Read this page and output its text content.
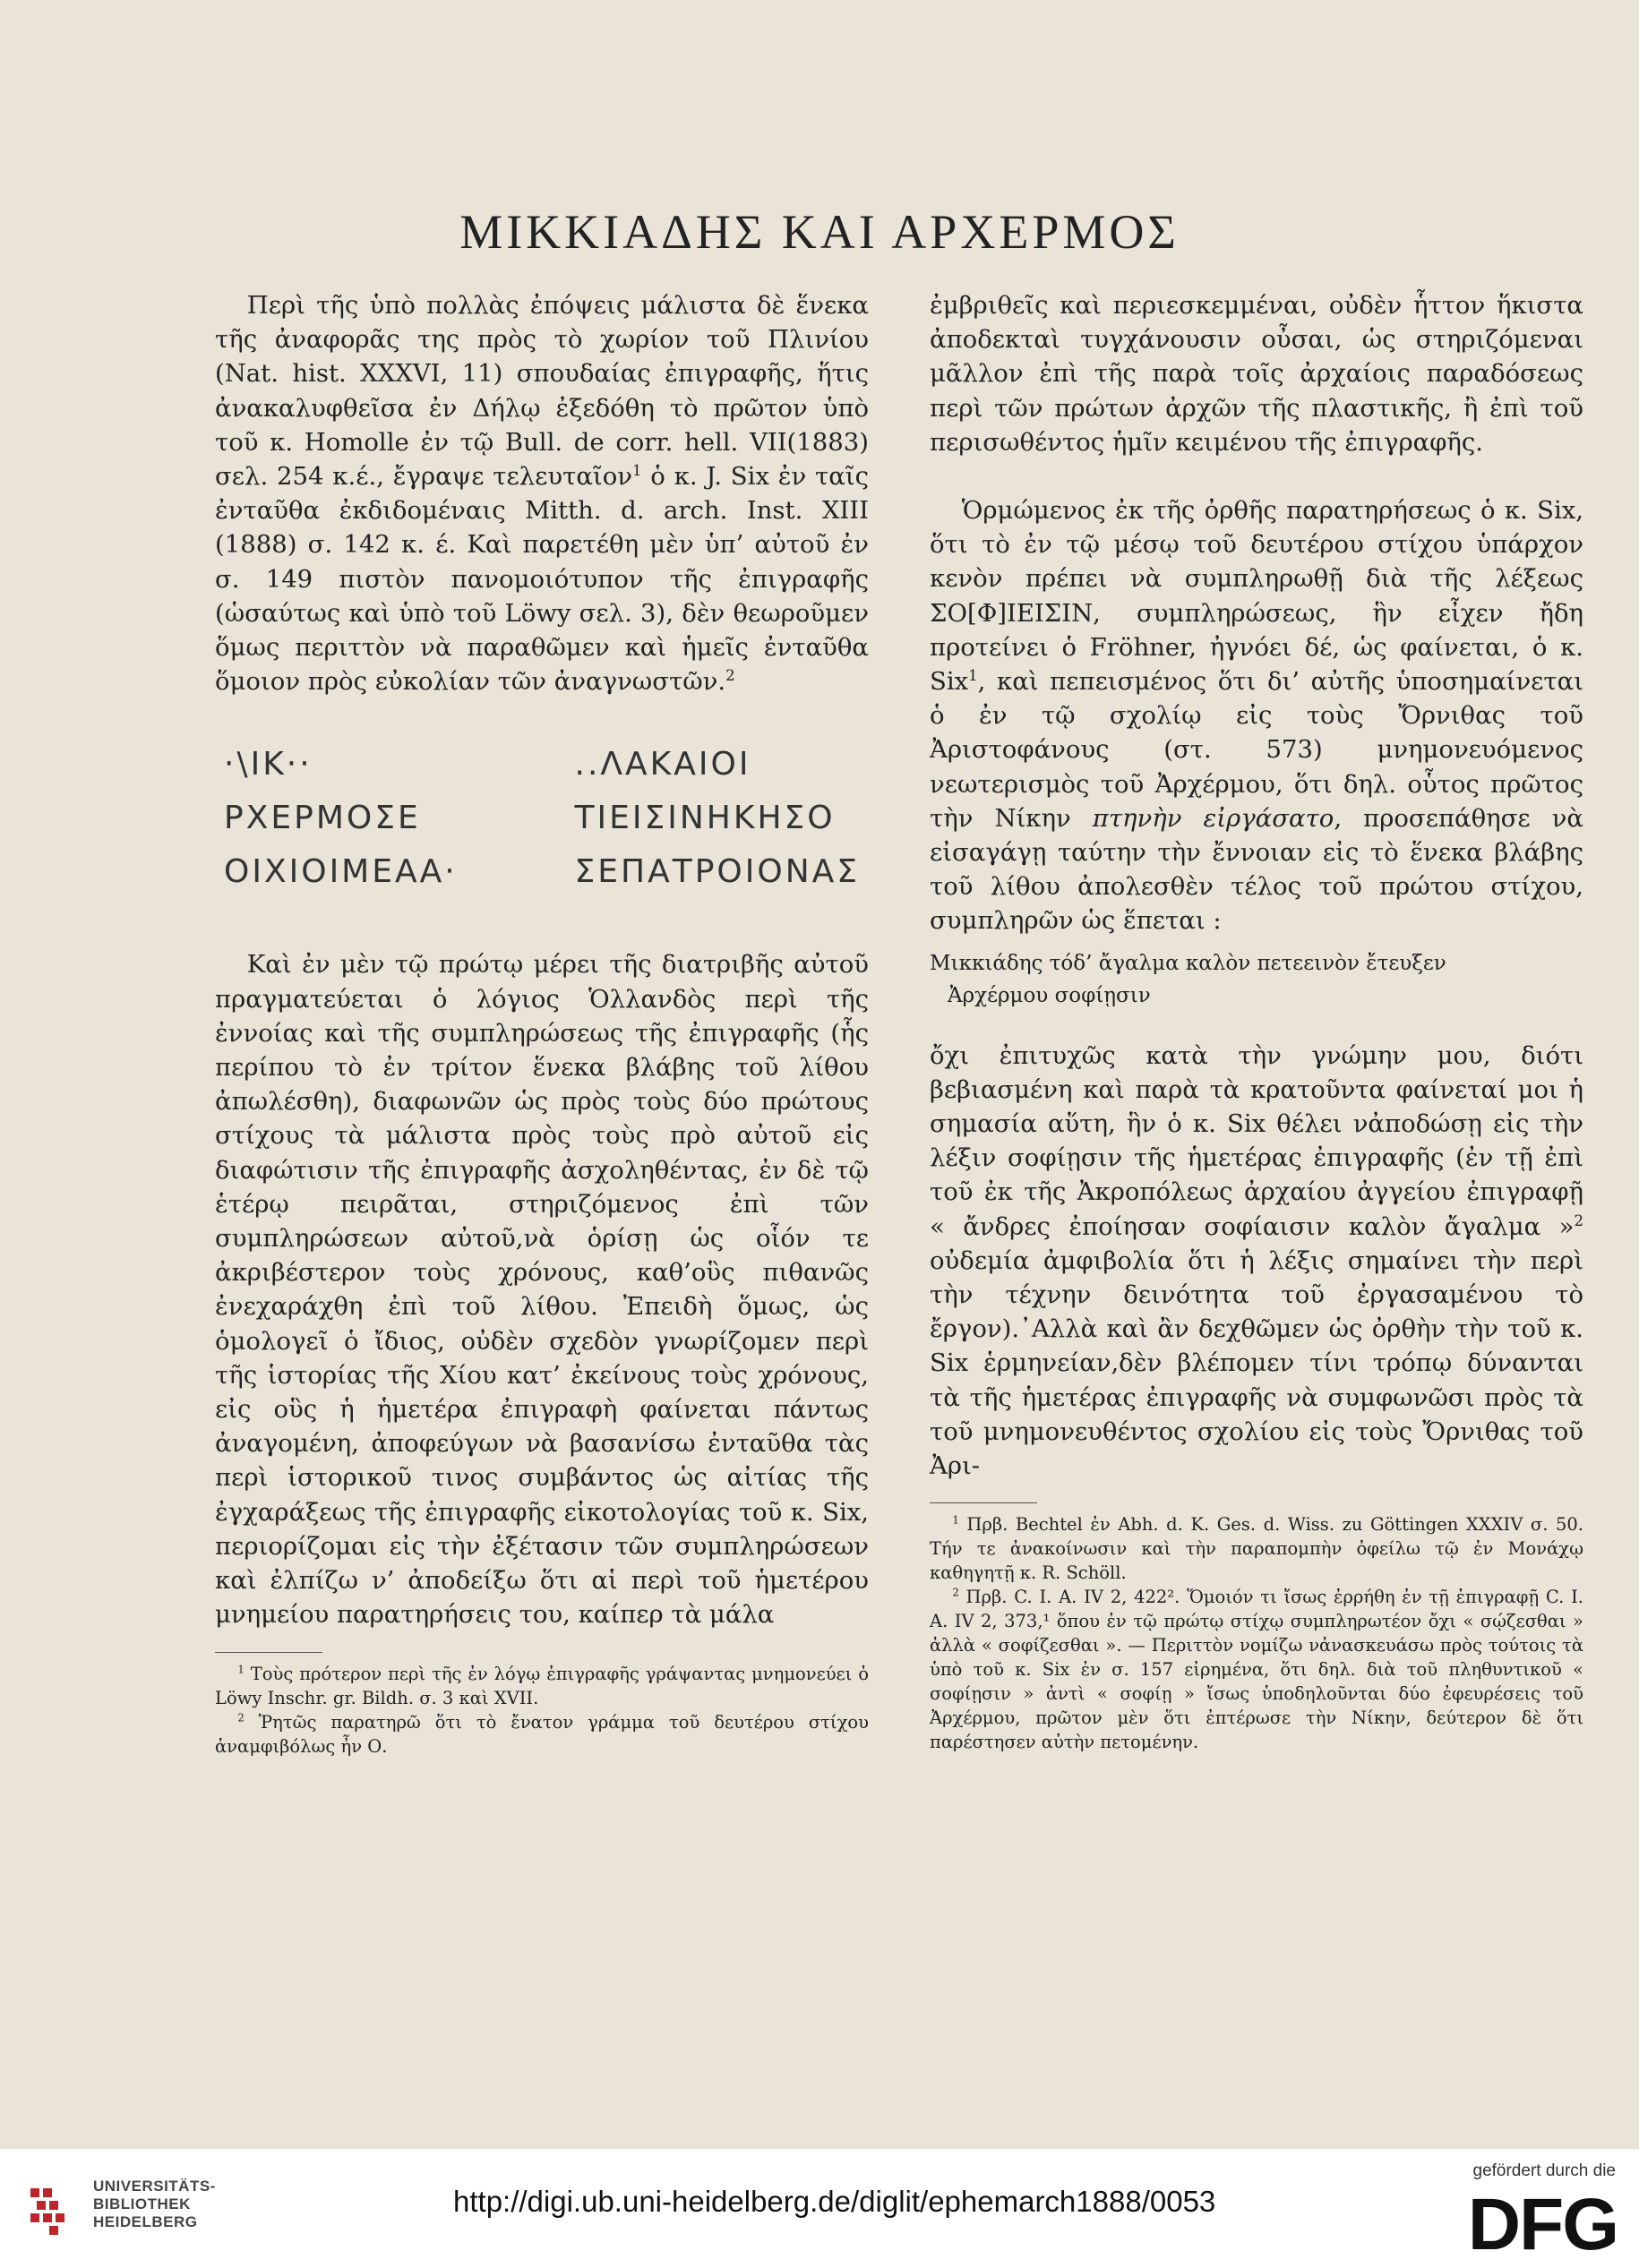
ΜΙΚΚΙΑΔΗΣ ΚΑΙ ΑΡΧΕΡΜΟΣ

Περὶ τῆς ὑπὸ πολλὰς ἐπόψεις μάλιστα δὲ ἕνεκα τῆς ἀναφορᾶς της πρὸς τὸ χωρίον τοῦ Πλινίου (Nat. hist. XXXVI, 11) σπουδαίας ἐπιγραφῆς, ἥτις ἀνακαλυφθεῖσα ἐν Δήλῳ ἐξεδόθη τὸ πρῶτον ὑπὸ τοῦ κ. Homolle ἐν τῷ Bull. de corr. hell. VII(1883) σελ. 254 κ.έ., ἔγραψε τελευταῖον$^1$ ὁ κ. J. Six ἐν ταῖς ἐνταῦθα ἐκδιδομέναις Mitth. d. arch. Inst. XIII (1888) σ. 142 κ. έ. Καὶ παρετέθη μὲν ὑπ’ αὐτοῦ ἐν σ. 149 πιστὸν πανομοιότυπον τῆς ἐπιγραφῆς (ὡσαύτως καὶ ὑπὸ τοῦ Löwy σελ. 3), δὲν θεωροῦμεν ὅμως περιττὸν νὰ παραθῶμεν καὶ ἡμεῖς ἐνταῦθα ὅμοιον πρὸς εὐκολίαν τῶν ἀναγνωστῶν.$^2$

⋅\ΙΚ⋅⋅
ΡΧΕΡΜΟΣΕ
ΟΙΧΙΟΙΜΕΑΑ⋅
..ΛΑΚΑΙΟΙ
ΤΙΕΙΣΙΝΗΚΗΣΟ
ΣΕΠΑΤΡΟΙΟΝΑΣ

Καὶ ἐν μὲν τῷ πρώτῳ μέρει τῆς διατριβῆς αὐτοῦ πραγματεύεται ὁ λόγιος Ὁλλανδὸς περὶ τῆς ἐννοίας καὶ τῆς συμπληρώσεως τῆς ἐπιγραφῆς (ἧς περίπου τὸ ἐν τρίτον ἕνεκα βλάβης τοῦ λίθου ἀπωλέσθη), διαφωνῶν ὡς πρὸς τοὺς δύο πρώτους στίχους τὰ μάλιστα πρὸς τοὺς πρὸ αὐτοῦ εἰς διαφώτισιν τῆς ἐπιγραφῆς ἀσχοληθέντας, ἐν δὲ τῷ ἑτέρῳ πειρᾶται, στηριζόμενος ἐπὶ τῶν συμπληρώσεων αὐτοῦ,νὰ ὁρίσῃ ὡς οἷόν τε ἀκριβέστερον τοὺς χρόνους, καθ’οὓς πιθανῶς ἐνεχαράχθη ἐπὶ τοῦ λίθου. Ἐπειδὴ ὅμως, ὡς ὁμολογεῖ ὁ ἴδιος, οὐδὲν σχεδὸν γνωρίζομεν περὶ τῆς ἱστορίας τῆς Χίου κατ’ ἐκείνους τοὺς χρόνους, εἰς οὓς ἡ ἡμετέρα ἐπιγραφὴ φαίνεται πάντως ἀναγομένη, ἀποφεύγων νὰ βασανίσω ἐνταῦθα τὰς περὶ ἱστορικοῦ τινος συμβάντος ὡς αἰτίας τῆς ἐγχαράξεως τῆς ἐπιγραφῆς εἰκοτολογίας τοῦ κ. Six, περιορίζομαι εἰς τὴν ἐξέτασιν τῶν συμπληρώσεων καὶ ἐλπίζω ν’ ἀποδείξω ὅτι αἱ περὶ τοῦ ἡμετέρου μνημείου παρατηρήσεις του, καίπερ τὰ μάλα

$^1$ Τοὺς πρότερον περὶ τῆς ἐν λόγῳ ἐπιγραφῆς γράψαντας μνημονεύει ὁ Löwy Inschr. gr. Bildh. σ. 3 καὶ XVII.

$^2$ Ῥητῶς παρατηρῶ ὅτι τὸ ἔνατον γράμμα τοῦ δευτέρου στίχου ἀναμφιβόλως ἦν Ο.

ἐμβριθεῖς καὶ περιεσκεμμέναι, οὐδὲν ἧττον ἥκιστα ἀποδεκταὶ τυγχάνουσιν οὖσαι, ὡς στηριζόμεναι μᾶλλον ἐπὶ τῆς παρὰ τοῖς ἀρχαίοις παραδόσεως περὶ τῶν πρώτων ἀρχῶν τῆς πλαστικῆς, ἢ ἐπὶ τοῦ περισωθέντος ἡμῖν κειμένου τῆς ἐπιγραφῆς.

Ὁρμώμενος ἐκ τῆς ὀρθῆς παρατηρήσεως ὁ κ. Six, ὅτι τὸ ἐν τῷ μέσῳ τοῦ δευτέρου στίχου ὑπάρχον κενὸν πρέπει νὰ συμπληρωθῇ διὰ τῆς λέξεως ΣΟ[Φ]ΙΕΙΣΙΝ, συμπληρώσεως, ἣν εἶχεν ἤδη προτείνει ὁ Fröhner, ἠγνόει δέ, ὡς φαίνεται, ὁ κ. Six$^1$, καὶ πεπεισμένος ὅτι δι’ αὐτῆς ὑποσημαίνεται ὁ ἐν τῷ σχολίῳ εἰς τοὺς Ὄρνιθας τοῦ Ἀριστοφάνους (στ. 573) μνημονευόμενος νεωτερισμὸς τοῦ Ἀρχέρμου, ὅτι δηλ. οὗτος πρῶτος τὴν Νίκην πτηνὴν εἰργάσατο, προσεπάθησε νὰ εἰσαγάγῃ ταύτην τὴν ἔννοιαν εἰς τὸ ἕνεκα βλάβης τοῦ λίθου ἀπολεσθὲν τέλος τοῦ πρώτου στίχου, συμπληρῶν ὡς ἕπεται :

Μικκιάδης τόδ’ ἄγαλμα καλὸν πετεεινὸν ἔτευξεν
Ἀρχέρμου σοφίῃσιν

ὄχι ἐπιτυχῶς κατὰ τὴν γνώμην μου, διότι βεβιασμένη καὶ παρὰ τὰ κρατοῦντα φαίνεταί μοι ἡ σημασία αὕτη, ἣν ὁ κ. Six θέλει νἀποδώσῃ εἰς τὴν λέξιν σοφίῃσιν τῆς ἡμετέρας ἐπιγραφῆς (ἐν τῇ ἐπὶ τοῦ ἐκ τῆς Ἀκροπόλεως ἀρχαίου ἀγγείου ἐπιγραφῇ « ἄνδρες ἐποίησαν σοφίαισιν καλὸν ἄγαλμα »$^2$ οὐδεμία ἀμφιβολία ὅτι ἡ λέξις σημαίνει τὴν περὶ τὴν τέχνην δεινότητα τοῦ ἐργασαμένου τὸ ἔργον).᾿Αλλὰ καὶ ἂν δεχθῶμεν ὡς ὀρθὴν τὴν τοῦ κ. Six ἑρμηνείαν,δὲν βλέπομεν τίνι τρόπῳ δύνανται τὰ τῆς ἡμετέρας ἐπιγραφῆς νὰ συμφωνῶσι πρὸς τὰ τοῦ μνημονευθέντος σχολίου εἰς τοὺς Ὄρνιθας τοῦ Ἀρι-

$^1$ Πρβ. Bechtel ἐν Abh. d. K. Ges. d. Wiss. zu Göttingen XXXIV σ. 50. Τήν τε ἀνακοίνωσιν καὶ τὴν παραπομπὴν ὀφείλω τῷ ἐν Μονάχῳ καθηγητῇ κ. R. Schöll.

$^2$ Πρβ. C. I. A. IV 2, 422². Ὅμοιόν τι ἴσως ἐρρήθη ἐν τῇ ἐπιγραφῇ C. I. A. IV 2, 373,¹ ὅπου ἐν τῷ πρώτῳ στίχῳ συμπληρωτέον ὄχι « σῴζεσθαι » ἀλλὰ « σοφίζεσθαι ». — Περιττὸν νομίζω νἀνασκευάσω πρὸς τούτοις τὰ ὑπὸ τοῦ κ. Six ἐν σ. 157 εἰρημένα, ὅτι δηλ. διὰ τοῦ πληθυντικοῦ « σοφίῃσιν » ἀντὶ « σοφίῃ » ἴσως ὑποδηλοῦνται δύο ἐφευρέσεις τοῦ Ἀρχέρμου, πρῶτον μὲν ὅτι ἐπτέρωσε τὴν Νίκην, δεύτερον δὲ ὅτι παρέστησεν αὐτὴν πετομένην.

UNIVERSITÄTS-
BIBLIOTHEK
HEIDELBERG
http://digi.ub.uni-heidelberg.de/diglit/ephemarch1888/0053
gefördert durch die
DFG
